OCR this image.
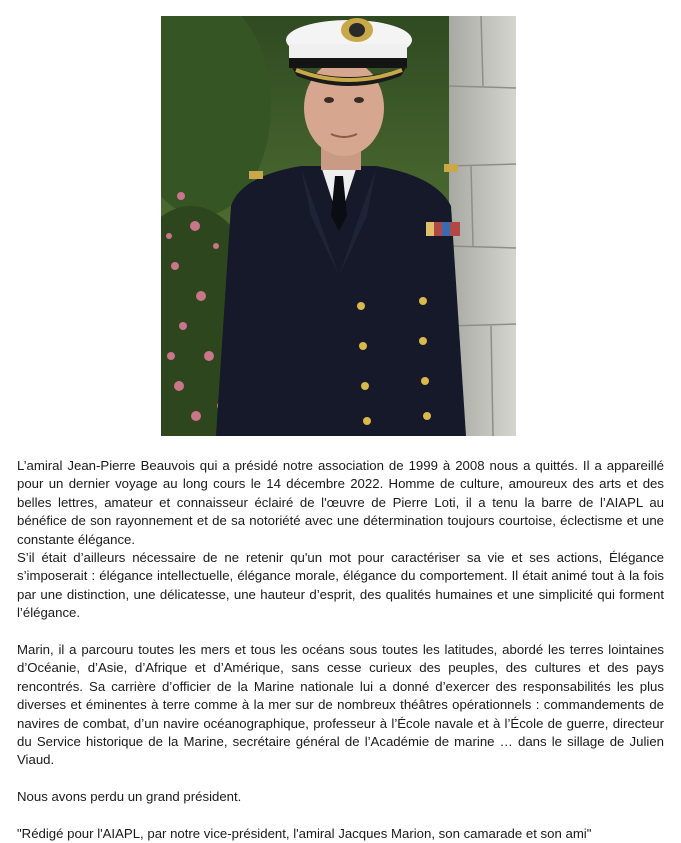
L’amiral Jean-Pierre Beauvois qui a présidé notre association de 1999 à 2008 nous a quittés. Il a appareillé pour un dernier voyage au long cours le 14 décembre 2022. Homme de culture, amoureux des arts et des belles lettres, amateur et connaisseur éclairé de l'œuvre de Pierre Loti, il a tenu la barre de l’AIAPL au bénéfice de son rayonnement et de sa notoriété avec une détermination toujours courtoise, éclectisme et une constante élégance.

S’il était d’ailleurs nécessaire de ne retenir qu'un mot pour caractériser sa vie et ses actions, Élégance s’imposerait : élégance intellectuelle, élégance morale, élégance du comportement. Il était animé tout à la fois par une distinction, une délicatesse, une hauteur d’esprit, des qualités humaines et une simplicité qui forment l’élégance.

Marin, il a parcouru toutes les mers et tous les océans sous toutes les latitudes, abordé les terres lointaines d’Océanie, d’Asie, d’Afrique et d’Amérique, sans cesse curieux des peuples, des cultures et des pays rencontrés. Sa carrière d’officier de la Marine nationale lui a donné d’exercer des responsabilités les plus diverses et éminentes à terre comme à la mer sur de nombreux théâtres opérationnels : commandements de navires de combat, d’un navire océanographique, professeur à l’École navale et à l’École de guerre, directeur du Service historique de la Marine, secrétaire général de l’Académie de marine … dans le sillage de Julien Viaud.

Nous avons perdu un grand président.

"Rédigé pour l'AIAPL, par notre vice-président, l'amiral Jacques Marion, son camarade et son ami"
